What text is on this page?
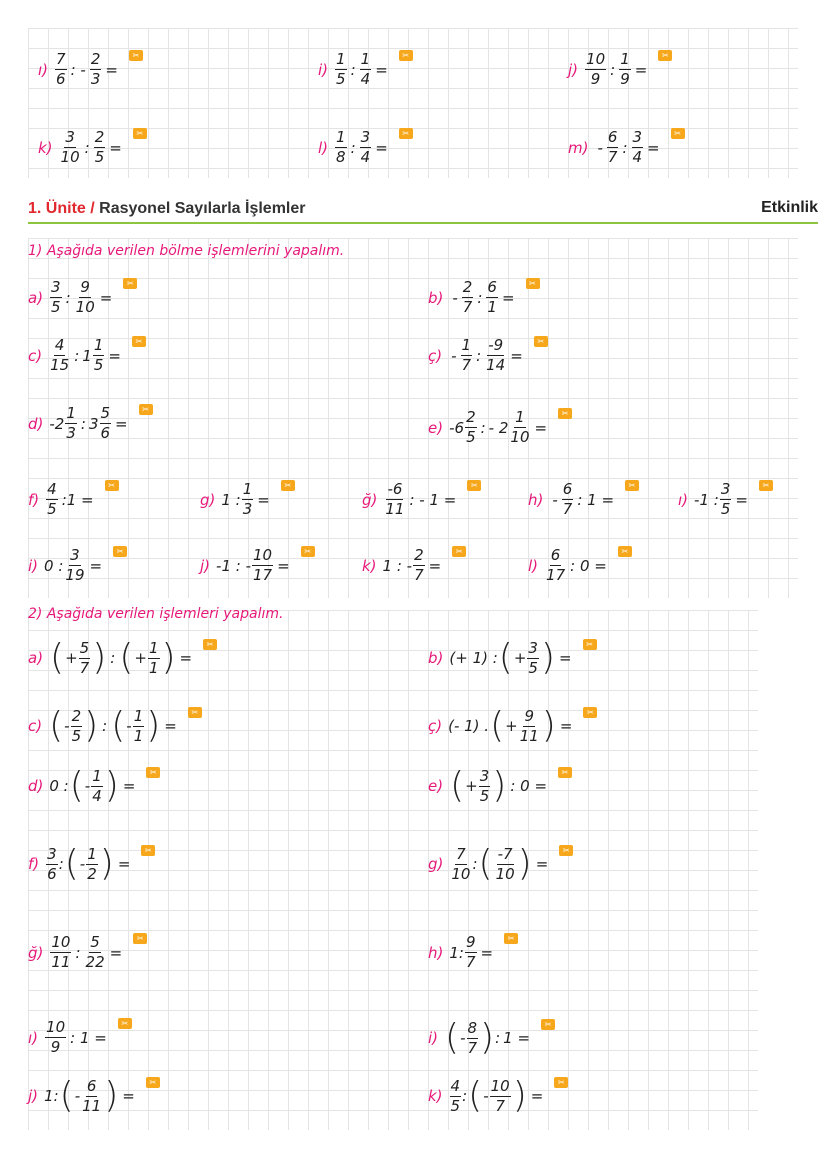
ı) $\frac{7}{6}$ : - $\frac{2}{3}$ =
✂
$i) \frac{1}{5}$ : $\frac{1}{4}$ =
✂
$j) \frac{10}{9}$ : $\frac{1}{9}$ =
✂
$k) \frac{3}{10}$ : $\frac{2}{5}$ =
✂
$l) \frac{1}{8}$ : $\frac{3}{4}$ =
✂
$m) - \frac{6}{7}$ : $\frac{3}{4}$ =
✂
1. Ünite / Rasyonel Sayılarla İşlemler	Etkinlik
1) Aşağıda verilen bölme işlemlerini yapalım.
$a) \frac{3}{5}$ : $\frac{9}{10}$ =
✂
$b) - \frac{2}{7}$ : $\frac{6}{1}$ =
✂
$c) \frac{4}{15}$ : $1 \frac{1}{5}$ =
✂
ç) - $\frac{1}{7}$ : $\frac{-9}{14}$ =
✂
d) $-2 \frac{1}{3}$ : $3 \frac{5}{6}$ =
✂
e) $-6 \frac{2}{5}$ : - $2 \frac{1}{10}$ =
✂
$f) \frac{4}{5}$ :1 =
✂
g) 1 : $\frac{1}{3}$ =
✂
ğ) $\frac{-6}{11}$ : - 1 =
✂
$h) - \frac{6}{7}$ : 1 =
✂
ı) -1 : $\frac{3}{5}$ =
✂
i) 0 : $\frac{3}{19}$ =
✂
j) -1 : - $\frac{10}{17}$ =
✂
k) 1 : - $\frac{2}{7}$ =
✂
$l) \frac{6}{17}$ : 0 =
✂
2) Aşağıda verilen işlemleri yapalım.
a) ( + $\frac{5}{7}$ ) : ( + $\frac{1}{1}$ ) =
✂
b) (+ 1) : ( + $\frac{3}{5}$ ) =
✂
c) ( - $\frac{2}{5}$ ) : ( - $\frac{1}{1}$ ) =
✂
ç) (- 1) . ( + $\frac{9}{11}$ ) =
✂
d) 0 : ( - $\frac{1}{4}$ ) =
✂
e) ( + $\frac{3}{5}$ ) : 0 =
✂
$f) \frac{3}{6}$ : ( - $\frac{1}{2}$ ) =
✂
$g) \frac{7}{10}$ : ( $\frac{-7}{10}$ ) =
✂
ğ) $\frac{10}{11}$ : $\frac{5}{22}$ =
✂
h) 1: $\frac{9}{7}$ =
✂
ı) $\frac{10}{9}$ : 1 =
✂
i) ( - $\frac{8}{7}$ ) : 1 =
✂
j) 1: ( - $\frac{6}{11}$ ) =
✂
$k) \frac{4}{5}$ : ( - $\frac{10}{7}$ ) =
✂
